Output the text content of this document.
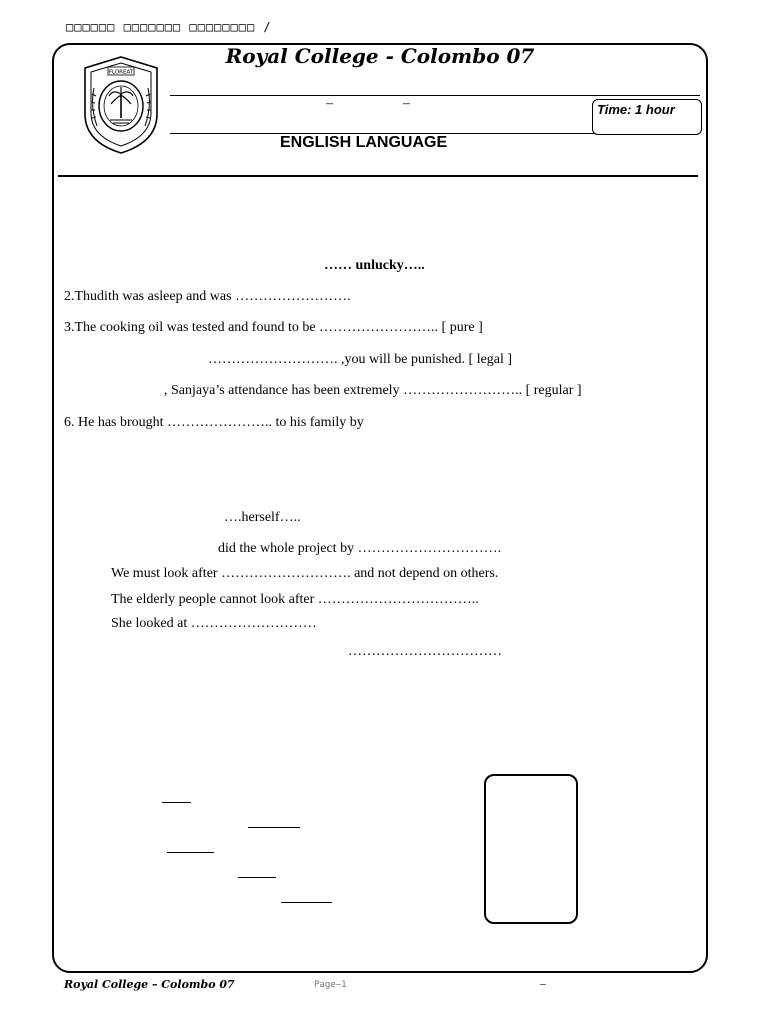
□□□□□□ □□□□□□□ □□□□□□□□ /
FLOREAT
Royal College - Colombo 07
–	–	Time: 1 hour
ENGLISH LANGUAGE
…… unlucky…..
2.Thudith was asleep and was …………………….
3.The cooking oil was tested and found to be …………………….. [ pure ]
………………………. ,you will be punished. [ legal ]
, Sanjaya’s attendance has been extremely …………………….. [ regular ]
6. He has brought ………………….. to his family by
….herself…..
did the whole project by ………………………….
We must look after ………………………. and not depend on others.
The elderly people cannot look after ……………………………..
She looked at ………………………
……………………………
Royal College – Colombo 07	Page—1	–
